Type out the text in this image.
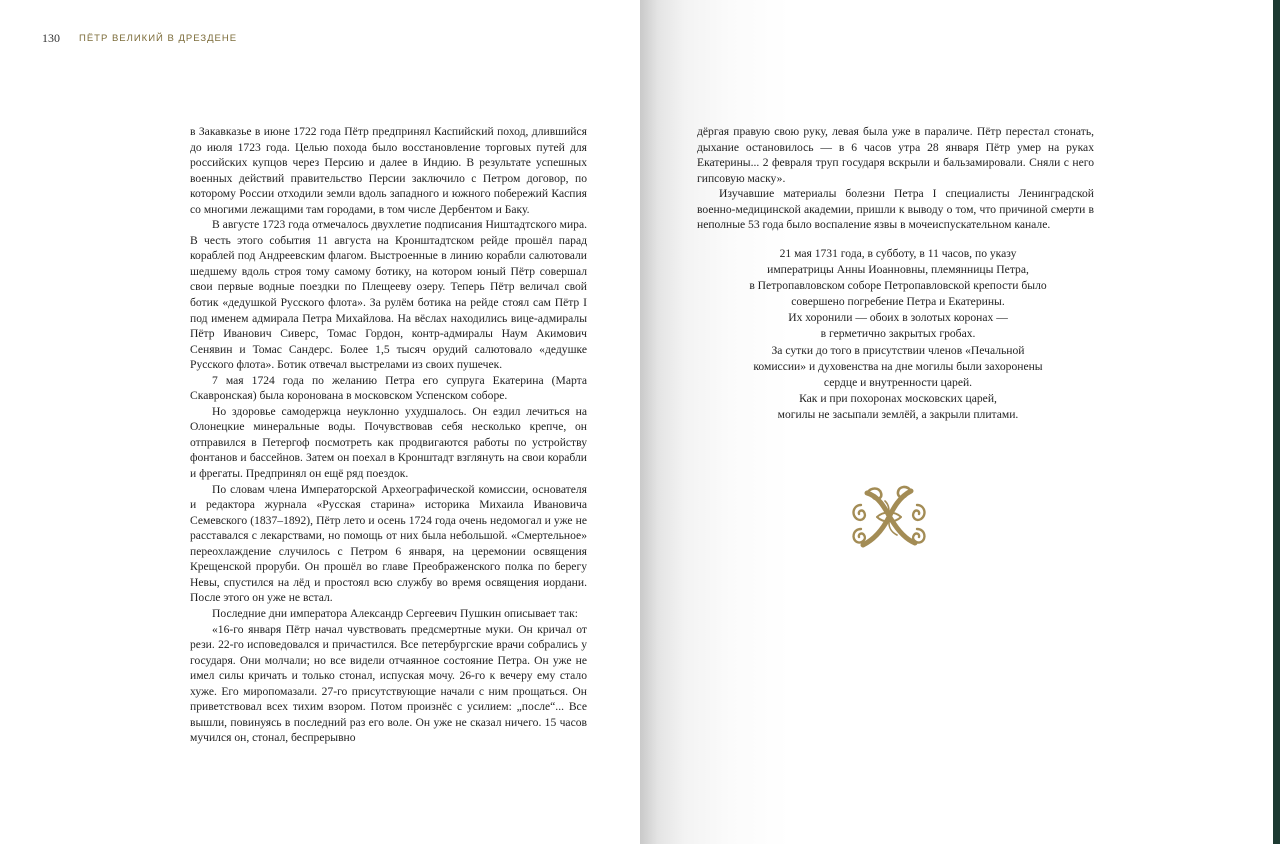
130 ПЁТР ВЕЛИКИЙ В ДРЕЗДЕНЕ

в Закавказье в июне 1722 года Пётр предпринял Каспийский поход, длившийся до июля 1723 года. Целью похода было восстановление торговых путей для российских купцов через Персию и далее в Индию. В результате успешных военных действий правительство Персии заключило с Петром договор, по которому России отходили земли вдоль западного и южного побережий Каспия со многими лежащими там городами, в том числе Дербентом и Баку.

В августе 1723 года отмечалось двухлетие подписания Ништадтского мира. В честь этого события 11 августа на Кронштадтском рейде прошёл парад кораблей под Андреевским флагом. Выстроенные в линию корабли салютовали шедшему вдоль строя тому самому ботику, на котором юный Пётр совершал свои первые водные поездки по Плещееву озеру. Теперь Пётр величал свой ботик «дедушкой Русского флота». За рулём ботика на рейде стоял сам Пётр I под именем адмирала Петра Михайлова. На вёслах находились вице-адмиралы Пётр Иванович Сиверс, Томас Гордон, контр-адмиралы Наум Акимович Сенявин и Томас Сандерс. Более 1,5 тысяч орудий салютовало «дедушке Русского флота». Ботик отвечал выстрелами из своих пушечек.

7 мая 1724 года по желанию Петра его супруга Екатерина (Марта Скавронская) была коронована в московском Успенском соборе.

Но здоровье самодержца неуклонно ухудшалось. Он ездил лечиться на Олонецкие минеральные воды. Почувствовав себя несколько крепче, он отправился в Петергоф посмотреть как продвигаются работы по устройству фонтанов и бассейнов. Затем он поехал в Кронштадт взглянуть на свои корабли и фрегаты. Предпринял он ещё ряд поездок.

По словам члена Императорской Археографической комиссии, основателя и редактора журнала «Русская старина» историка Михаила Ивановича Семевского (1837–1892), Пётр лето и осень 1724 года очень недомогал и уже не расставался с лекарствами, но помощь от них была небольшой. «Смертельное» переохлаждение случилось с Петром 6 января, на церемонии освящения Крещенской проруби. Он прошёл во главе Преображенского полка по берегу Невы, спустился на лёд и простоял всю службу во время освящения иордани. После этого он уже не встал.

Последние дни императора Александр Сергеевич Пушкин описывает так:

«16-го января Пётр начал чувствовать предсмертные муки. Он кричал от рези. 22-го исповедовался и причастился. Все петербургские врачи собрались у государя. Они молчали; но все видели отчаянное состояние Петра. Он уже не имел силы кричать и только стонал, испуская мочу. 26-го к вечеру ему стало хуже. Его миропомазали. 27-го присутствующие начали с ним прощаться. Он приветствовал всех тихим взором. Потом произнёс с усилием: „после“... Все вышли, повинуясь в последний раз его воле. Он уже не сказал ничего. 15 часов мучился он, стонал, беспрерывно

дёргая правую свою руку, левая была уже в параличе. Пётр перестал стонать, дыхание остановилось — в 6 часов утра 28 января Пётр умер на руках Екатерины... 2 февраля труп государя вскрыли и бальзамировали. Сняли с него гипсовую маску».

Изучавшие материалы болезни Петра I специалисты Ленинградской военно-медицинской академии, пришли к выводу о том, что причиной смерти в неполные 53 года было воспаление язвы в мочеиспускательном канале.

21 мая 1731 года, в субботу, в 11 часов, по указу
императрицы Анны Иоанновны, племянницы Петра,
в Петропавловском соборе Петропавловской крепости было
совершено погребение Петра и Екатерины.
Их хоронили — обоих в золотых коронах —
в герметично закрытых гробах.
За сутки до того в присутствии членов «Печальной
комиссии» и духовенства на дне могилы были захоронены
сердце и внутренности царей.
Как и при похоронах московских царей,
могилы не засыпали землёй, а закрыли плитами.
